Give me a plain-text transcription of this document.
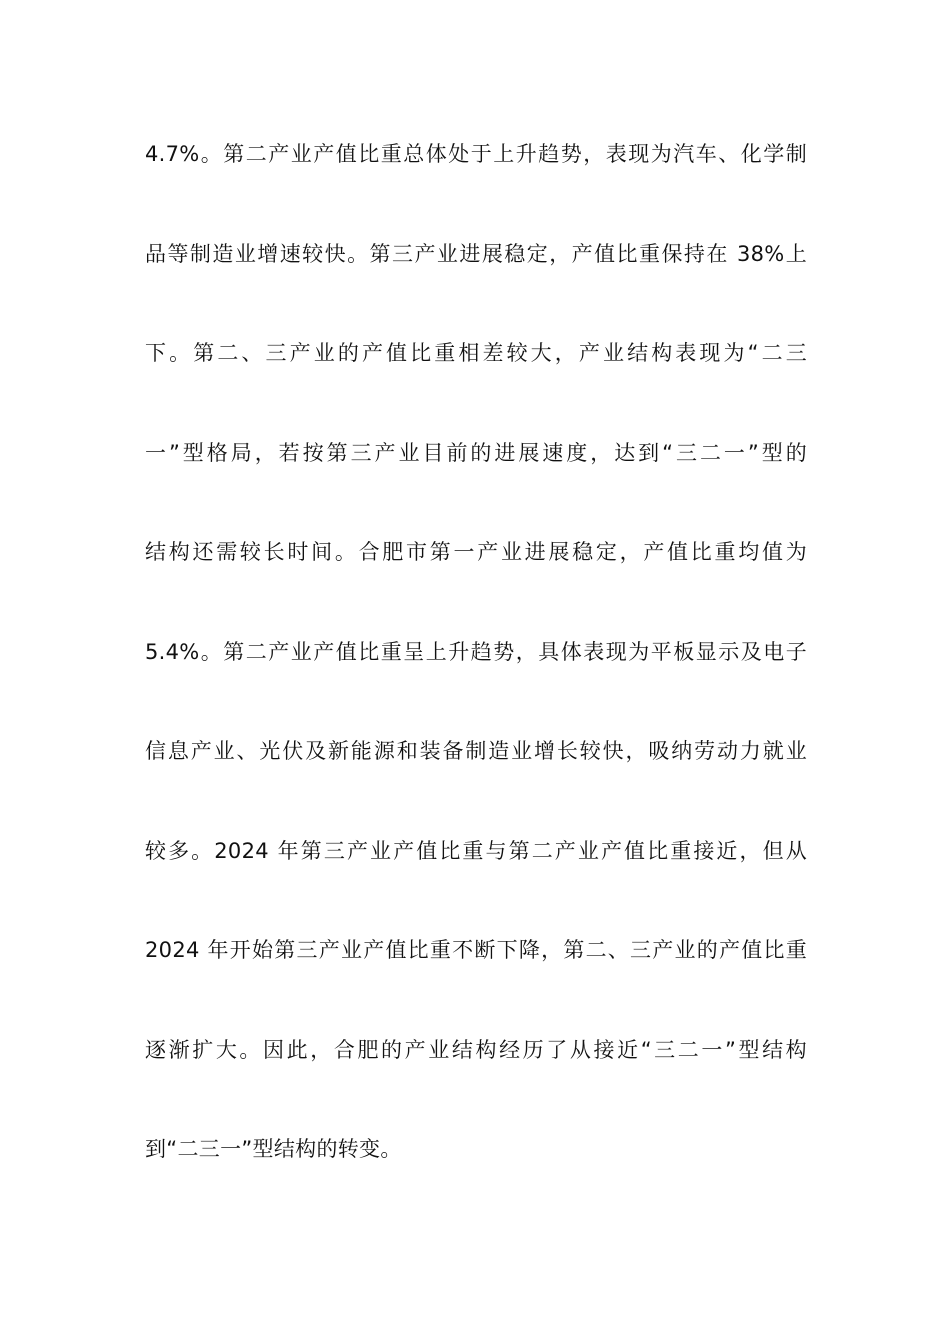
4.7%。第二产业产值比重总体处于上升趋势，表现为汽车、化学制
品等制造业增速较快。第三产业进展稳定，产值比重保持在 38%上
下。第二、三产业的产值比重相差较大，产业结构表现为“二三
一”型格局，若按第三产业目前的进展速度，达到“三二一”型的
结构还需较长时间。合肥市第一产业进展稳定，产值比重均值为
5.4%。第二产业产值比重呈上升趋势，具体表现为平板显示及电子
信息产业、光伏及新能源和装备制造业增长较快，吸纳劳动力就业
较多。2024 年第三产业产值比重与第二产业产值比重接近，但从
2024 年开始第三产业产值比重不断下降，第二、三产业的产值比重
逐渐扩大。因此，合肥的产业结构经历了从接近“三二一”型结构
到“二三一”型结构的转变。
